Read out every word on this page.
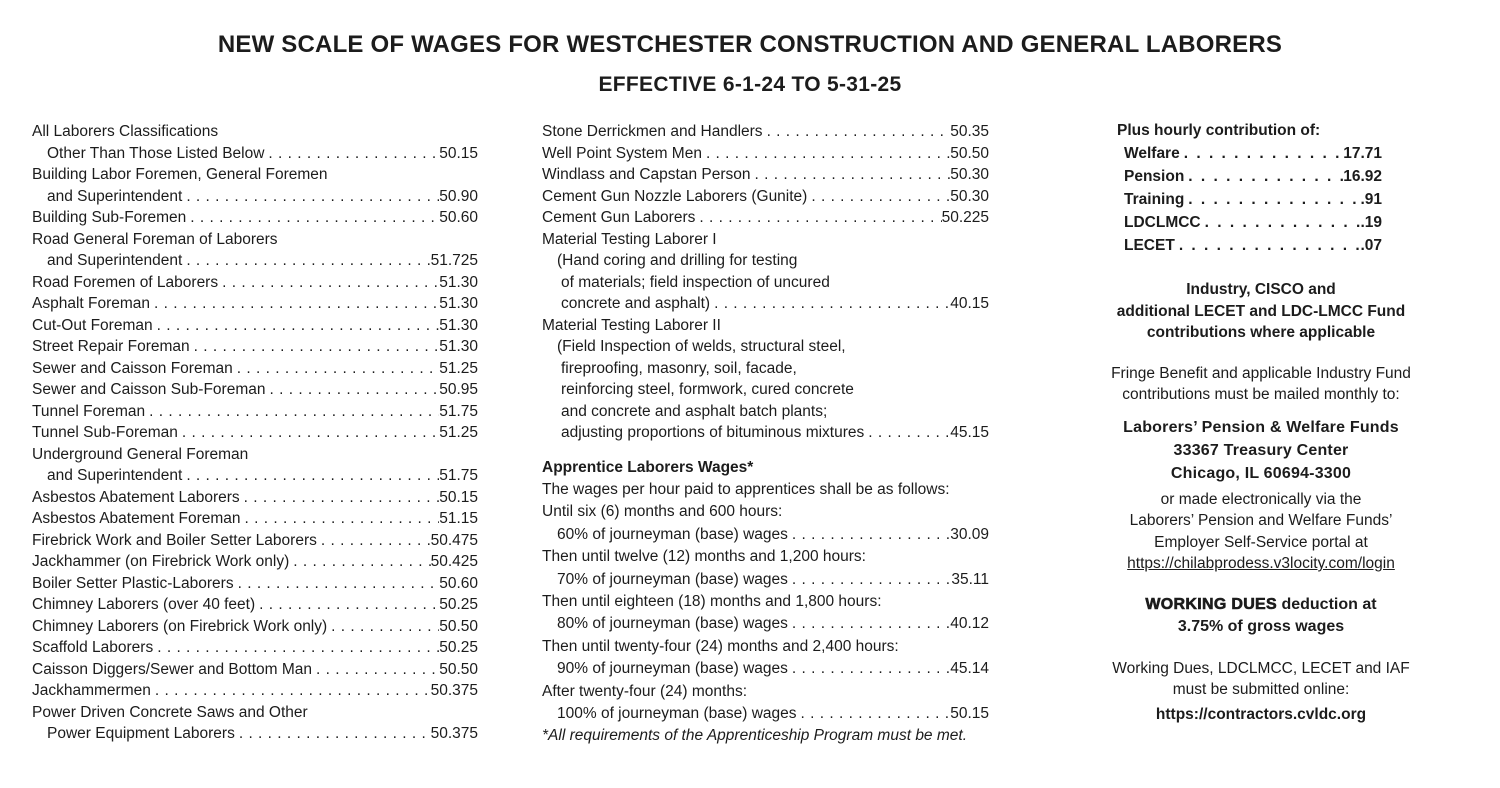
NEW SCALE OF WAGES FOR WESTCHESTER CONSTRUCTION AND GENERAL LABORERS
EFFECTIVE 6-1-24 TO 5-31-25
All Laborers Classifications
Other Than Those Listed Below . . .	50.15
Building Labor Foremen, General Foremen
and Superintendent . . .	50.90
Building Sub-Foremen . . .	50.60
Road General Foreman of Laborers
and Superintendent . . .	51.725
Road Foremen of Laborers . . .	51.30
Asphalt Foreman . . .	51.30
Cut-Out Foreman . . .	51.30
Street Repair Foreman . . .	51.30
Sewer and Caisson Foreman . . .	51.25
Sewer and Caisson Sub-Foreman . . .	50.95
Tunnel Foreman . . .	51.75
Tunnel Sub-Foreman . . .	51.25
Underground General Foreman
and Superintendent . . .	51.75
Asbestos Abatement Laborers . . .	50.15
Asbestos Abatement Foreman . . .	51.15
Firebrick Work and Boiler Setter Laborers . . .	50.475
Jackhammer (on Firebrick Work only) . . .	50.425
Boiler Setter Plastic-Laborers . . .	50.60
Chimney Laborers (over 40 feet) . . .	50.25
Chimney Laborers (on Firebrick Work only) . . .	50.50
Scaffold Laborers . . .	50.25
Caisson Diggers/Sewer and Bottom Man . . .	50.50
Jackhammermen . . .	50.375
Power Driven Concrete Saws and Other
Power Equipment Laborers . . .	50.375
Stone Derrickmen and Handlers . . .	50.35
Well Point System Men . . .	50.50
Windlass and Capstan Person . . .	50.30
Cement Gun Nozzle Laborers (Gunite) . . .	50.30
Cement Gun Laborers . . .	50.225
Material Testing Laborer I
(Hand coring and drilling for testing
of materials; field inspection of uncured
concrete and asphalt) . . .	40.15
Material Testing Laborer II
(Field Inspection of welds, structural steel,
fireproofing, masonry, soil, facade,
reinforcing steel, formwork, cured concrete
and concrete and asphalt batch plants;
adjusting proportions of bituminous mixtures . . .	45.15
Apprentice Laborers Wages*
The wages per hour paid to apprentices shall be as follows:
Until six (6) months and 600 hours:
60% of journeyman (base) wages . . .	30.09
Then until twelve (12) months and 1,200 hours:
70% of journeyman (base) wages . . .	35.11
Then until eighteen (18) months and 1,800 hours:
80% of journeyman (base) wages . . .	40.12
Then until twenty-four (24) months and 2,400 hours:
90% of journeyman (base) wages . . .	45.14
After twenty-four (24) months:
100% of journeyman (base) wages . . .	50.15
*All requirements of the Apprenticeship Program must be met.
Plus hourly contribution of:
Welfare . . .	17.71
Pension . . .	16.92
Training . . .	.91
LDCLMCC . . .	.19
LECET . . .	.07
Industry, CISCO and
additional LECET and LDC-LMCC Fund
contributions where applicable
Fringe Benefit and applicable Industry Fund
contributions must be mailed monthly to:
Laborers’ Pension & Welfare Funds
33367 Treasury Center
Chicago, IL 60694-3300
or made electronically via the
Laborers’ Pension and Welfare Funds’
Employer Self-Service portal at
https://chilabprodess.v3locity.com/login
WORKING DUES deduction at
3.75% of gross wages
Working Dues, LDCLMCC, LECET and IAF
must be submitted online:
https://contractors.cvldc.org
